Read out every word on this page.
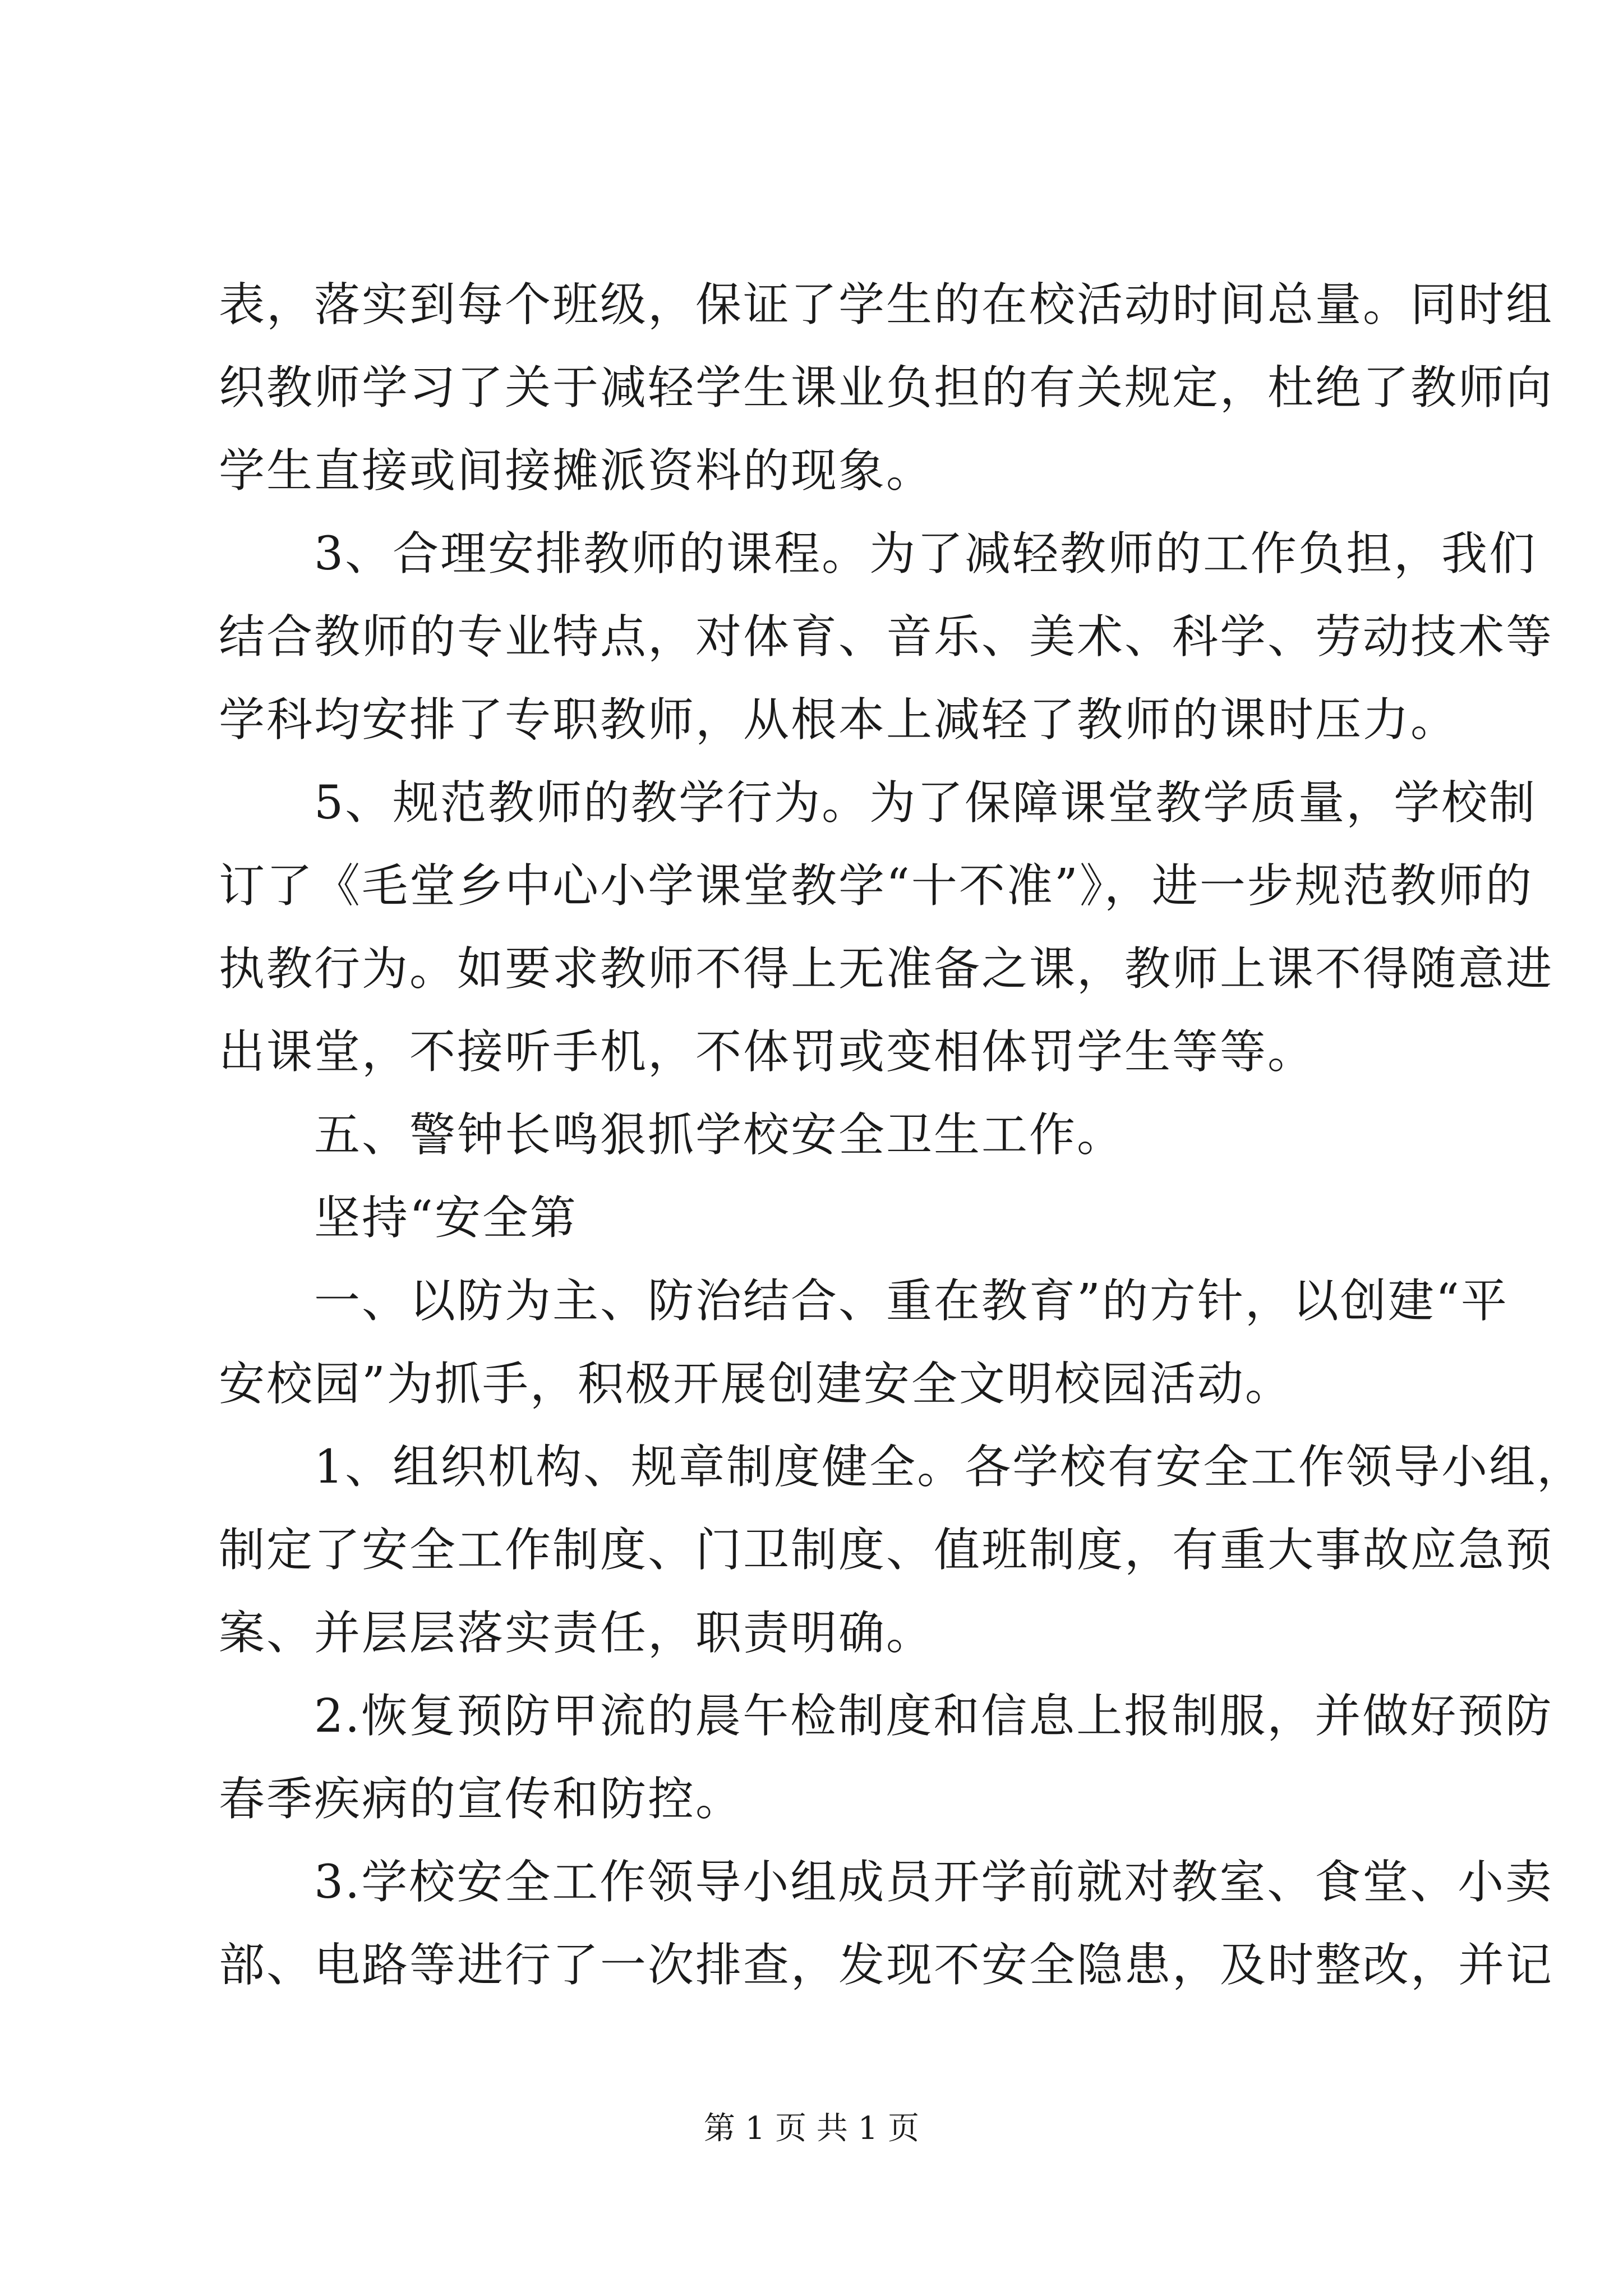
表，落实到每个班级，保证了学生的在校活动时间总量。同时组
织教师学习了关于减轻学生课业负担的有关规定，杜绝了教师向
学生直接或间接摊派资料的现象。
　　3、合理安排教师的课程。为了减轻教师的工作负担，我们
结合教师的专业特点，对体育、音乐、美术、科学、劳动技术等
学科均安排了专职教师，从根本上减轻了教师的课时压力。
　　5、规范教师的教学行为。为了保障课堂教学质量，学校制
订了《毛堂乡中心小学课堂教学“十不准”》，进一步规范教师的
执教行为。如要求教师不得上无准备之课，教师上课不得随意进
出课堂，不接听手机，不体罚或变相体罚学生等等。
　　五、警钟长鸣狠抓学校安全卫生工作。
　　坚持“安全第
　　一、以防为主、防治结合、重在教育”的方针，以创建“平
安校园”为抓手，积极开展创建安全文明校园活动。
　　1、组织机构、规章制度健全。各学校有安全工作领导小组，
制定了安全工作制度、门卫制度、值班制度，有重大事故应急预
案、并层层落实责任，职责明确。
　　2.恢复预防甲流的晨午检制度和信息上报制服，并做好预防
春季疾病的宣传和防控。
　　3.学校安全工作领导小组成员开学前就对教室、食堂、小卖
部、电路等进行了一次排查，发现不安全隐患，及时整改，并记
第 1 页 共 1 页
